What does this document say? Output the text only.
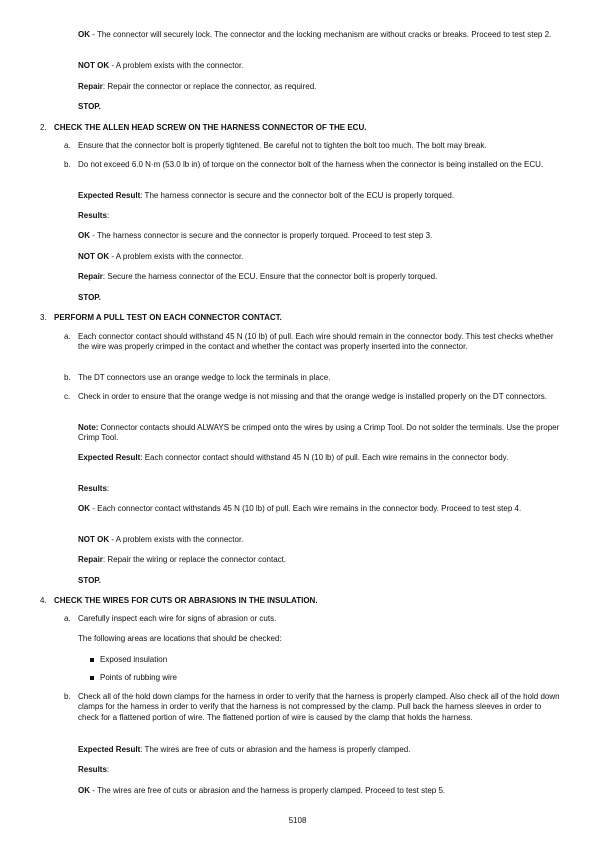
OK - The connector will securely lock. The connector and the locking mechanism are without cracks or breaks. Proceed to test step 2.

NOT OK - A problem exists with the connector.

Repair: Repair the connector or replace the connector, as required.

STOP.

2. CHECK THE ALLEN HEAD SCREW ON THE HARNESS CONNECTOR OF THE ECU.

a. Ensure that the connector bolt is properly tightened. Be careful not to tighten the bolt too much. The bolt may break.

b. Do not exceed 6.0 N·m (53.0 lb in) of torque on the connector bolt of the harness when the connector is being installed on the ECU.

Expected Result: The harness connector is secure and the connector bolt of the ECU is properly torqued.

Results:

OK - The harness connector is secure and the connector is properly torqued. Proceed to test step 3.

NOT OK - A problem exists with the connector.

Repair: Secure the harness connector of the ECU. Ensure that the connector bolt is properly torqued.

STOP.

3. PERFORM A PULL TEST ON EACH CONNECTOR CONTACT.

a. Each connector contact should withstand 45 N (10 lb) of pull. Each wire should remain in the connector body. This test checks whether the wire was properly crimped in the contact and whether the contact was properly inserted into the connector.

b. The DT connectors use an orange wedge to lock the terminals in place.

c. Check in order to ensure that the orange wedge is not missing and that the orange wedge is installed properly on the DT connectors.

Note: Connector contacts should ALWAYS be crimped onto the wires by using a Crimp Tool. Do not solder the terminals. Use the proper Crimp Tool.

Expected Result: Each connector contact should withstand 45 N (10 lb) of pull. Each wire remains in the connector body.

Results:

OK - Each connector contact withstands 45 N (10 lb) of pull. Each wire remains in the connector body. Proceed to test step 4.

NOT OK - A problem exists with the connector.

Repair: Repair the wiring or replace the connector contact.

STOP.

4. CHECK THE WIRES FOR CUTS OR ABRASIONS IN THE INSULATION.

a. Carefully inspect each wire for signs of abrasion or cuts.

The following areas are locations that should be checked:

Exposed insulation

Points of rubbing wire

b. Check all of the hold down clamps for the harness in order to verify that the harness is properly clamped. Also check all of the hold down clamps for the harness in order to verify that the harness is not compressed by the clamp. Pull back the harness sleeves in order to check for a flattened portion of wire. The flattened portion of wire is caused by the clamp that holds the harness.

Expected Result: The wires are free of cuts or abrasion and the harness is properly clamped.

Results:

OK - The wires are free of cuts or abrasion and the harness is properly clamped. Proceed to test step 5.

5108
